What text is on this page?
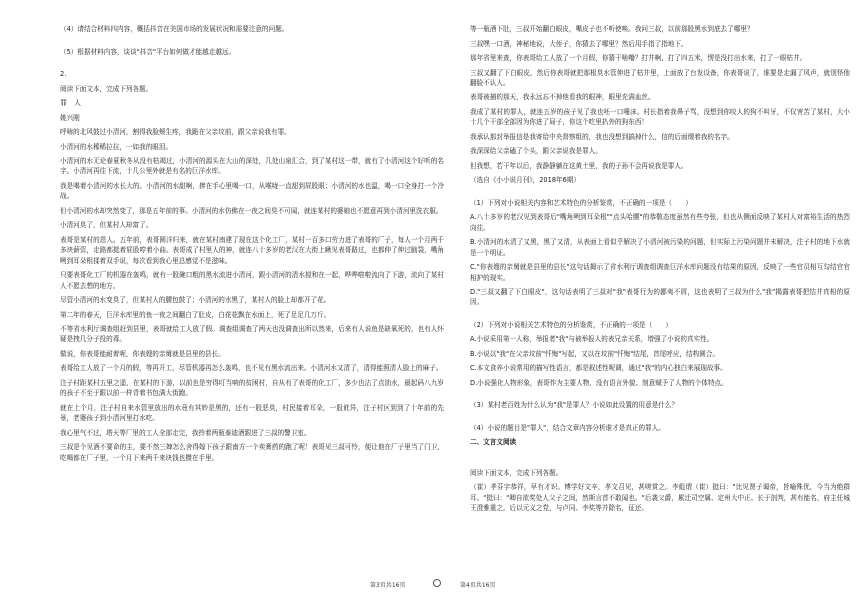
（4）请结合材料四内容，概括抖音在美国市场的发展状况和需要注意的问题。

（5）根据材料内容，谈谈"抖音"平台如何做才能越走越远。

2.

阅读下面文本，完成下列各题。

罪　人

姚兴刚

呼哧的北风鼓过小清河，割得我脸颊生疼，我跪在父亲坟前，跟父亲说我有罪。

小清河的水稀稀拉拉，一如我的眼泪。

小清河的水无论春夏秋冬从没有枯竭过，小清河的源头在大山的深处，几处山泉汇合，到了某村这一带，就有了小清河这个好听的名字。小清河再往下流，十几公里外就是有名的巨洋水库。

我是喝着小清河的水长大的。小清河的水甜啊，捧在手心里喝一口，从喉咙一直甜到屁股眼；小清河的水也温，喝一口全身打一个冷战。

但小清河的水却突然变了，那是五年前的事。小清河的水仿佛在一夜之间臭不可闻，就连某村的婆娘也不愿意再到小清河里洗衣服。

小清河臭了，但某村人却富了。

表哥是某村的恩人。五年前，表哥圆洋归来，就在某村南建了现在这个化工厂，某村一百多口劳力进了表哥的厂子，每人一个月两千多块薪资，走路都挺着屁股哼着小曲。表哥成了村里人的神，就连八十多岁的老汉在大街上瞅见表哥路过，也都伸了伸过脑袋，嘴角咧到耳朵根揉着双手说，每次看到我心里总感觉不是滋味。

只要表哥化工厂的机器在轰鸣，就有一股碗口粗的黑水流进小清河，跟小清河的清水搅和在一起，哗哗啦啦流向了下游，流向了某村人不愿去想的地方。

尽管小清河的水变臭了，但某村人的腰包鼓了；小清河的水黑了，某村人的脸上却都开了花。

第二年的春天，巨洋水库里的鱼一夜之间翻白了肚皮，白花花飘在水面上，死了足足几万斤。

不等省水利厅调查组赶到县里，表哥就给工人放了假。调查组调查了两天也没调查出所以然来，后来有人说鱼是缺氧死的，也有人怀疑是拽几分子投的毒。

做说，你表哥能耐着呢，你表嫂的亲舅就是县里的县长。

表哥给工人放了一个月的假，等再开工，尽管机器再怎么轰鸣，也不见有黑水流出来。小清河水又清了，清得能照清人脸上的麻子。

注子村距某村五里之遥，在某村的下游，以前也是穷得叮当响的贫困村，自从有了表哥的化工厂，多少也沾了点油水，最起码八九岁的孩子不至于跟以前一样背着书包满大街跑。

就在上个月，注子村自来水管里放出的水竟有其妙是黑的，还有一股恶臭，村民接着耳朵，一股讹异，注子村区到到了十年前的先景，老婆孩子到小清河里打水吃。

我心里气不过，塔天等厂里的工人全部走完，我拎着两瓶泰迪酒跟进了三叔的警卫室。

三叔是个见酒不要命的主，要不然三婶怎么舍得嫁下孩子跟南方一个卖膏药的跑了呢！表哥见三叔可怜，便让他在厂子里当了门卫，吃喝都在厂子里，一个月下来两千来块钱也攒在手里。

等一瓶酒下肚，三叔开始翻白眼皮，嘴皮子也不听使唤。我问三叔，以前那股黑水到底去了哪里？

三叔嘿一口酒，神秘地说，大侄子，你猜去了哪里？然后用手指了指地下。

那年省里来查，你表哥给工人放了一个月假，你猜干啥嘞？打井啊，打了四五米，愣是没打出水来，打了一眼枯井。

三叔又翻了下白眼皮，然后你表哥就把那根臭水管伸进了枯井里，上面放了台发设备，你表哥说了，谁要是走漏了风声，就别怪他翻脸不认人。

表哥被捕的那天，我永远忘不掉他看我的眼神，眼里充满血丝。

我成了某村的罪人，就连五岁的孩子见了我也呸一口唾沫。村长指着我鼻子骂，没想到你咬人的狗不叫牙，不仅害苦了某村，大小十几个干部全部因为你进了局子，你这个吃里扒外的狗东西！

我承认那封举报信是我寄给中央督察组的，我也没想到搞掉什么，信的后面缀着我的名字。

我深深给父亲磕了个头，跟父亲说我是罪人。

但我想，若干年以后，我静静躺在这黄土里，我的子孙不会再说我是罪人。

（选自《小小说月刊》，2018年6期）

（1）下列对小说相关内容和艺术特色的分析鉴赏，不正确的一项是（　　）

A.八十多岁的老汉见到表哥后"嘴角咧到耳朵根""点头哈腰"的恭敬态度虽然有些夸张，但也从侧面反映了某村人对富裕生活的热烈向往。

B.小清河的水清了又黑，黑了又清，从表面上看似乎解决了小清河被污染的问题，但实际上污染问题并未解决，注子村的地下水就是一个明证。

C."你表嫂的亲舅就是县里的县长"这句话揭示了省水利厅调查组调查巨洋水库问题没有结果的原因，反映了一些官员相互勾结官官相护的现实。

D."三叔又翻了下白眼皮"，这句话表明了三叔对"我"表哥行为的鄙夷不屑，这也表明了三叔为什么"我"揭露表哥把结并真相的原因。

（2）下列对小说相关艺术特色的分析鉴赏，不正确的一项是（　　）

A.小说采用第一人称，举报者"我"与被举报人的表兄亲关系，增强了小说的真实性。

B.小说以"我"在父亲坟前"忏悔"写起，又以在坟前"忏悔"结尾，首尾呼应，结构圆合。

C.本文食养小说常用的描写性语言，都是叙述性呢调，通过"我"的内心独白来展现故事。

D.小说强化人物形象，表哥作为主要人物，没有语言外貌、刻意赋予了人物的个体特点。

（3）某村老百姓为什么认为"我"是罪人？小说如此设置的用意是什么？

（4）小说的题目是"罪人"，结合文章内容分析谁才是真正的罪人。

二、文言文阅读

阅读下面文本，完成下列各题。

（崔）孝芬字恭祥，早有才识。博学好文辛，孝文召见，甚嗟赏之。李彪谓（崔）挺曰："比见贤子谒帝，旨喻殊优，今当为绝群耳。"挺曰："卿自欲奖处人父子之间，然斯言首不敢闻也。"后袭父爵，累迁司空属、定州大中正。长于剖判，甚有能名，府主任城王澄雅重之。后以元义之党，与卢同、李奖等并除名，征还。

第3页共16页	第4页共16页
